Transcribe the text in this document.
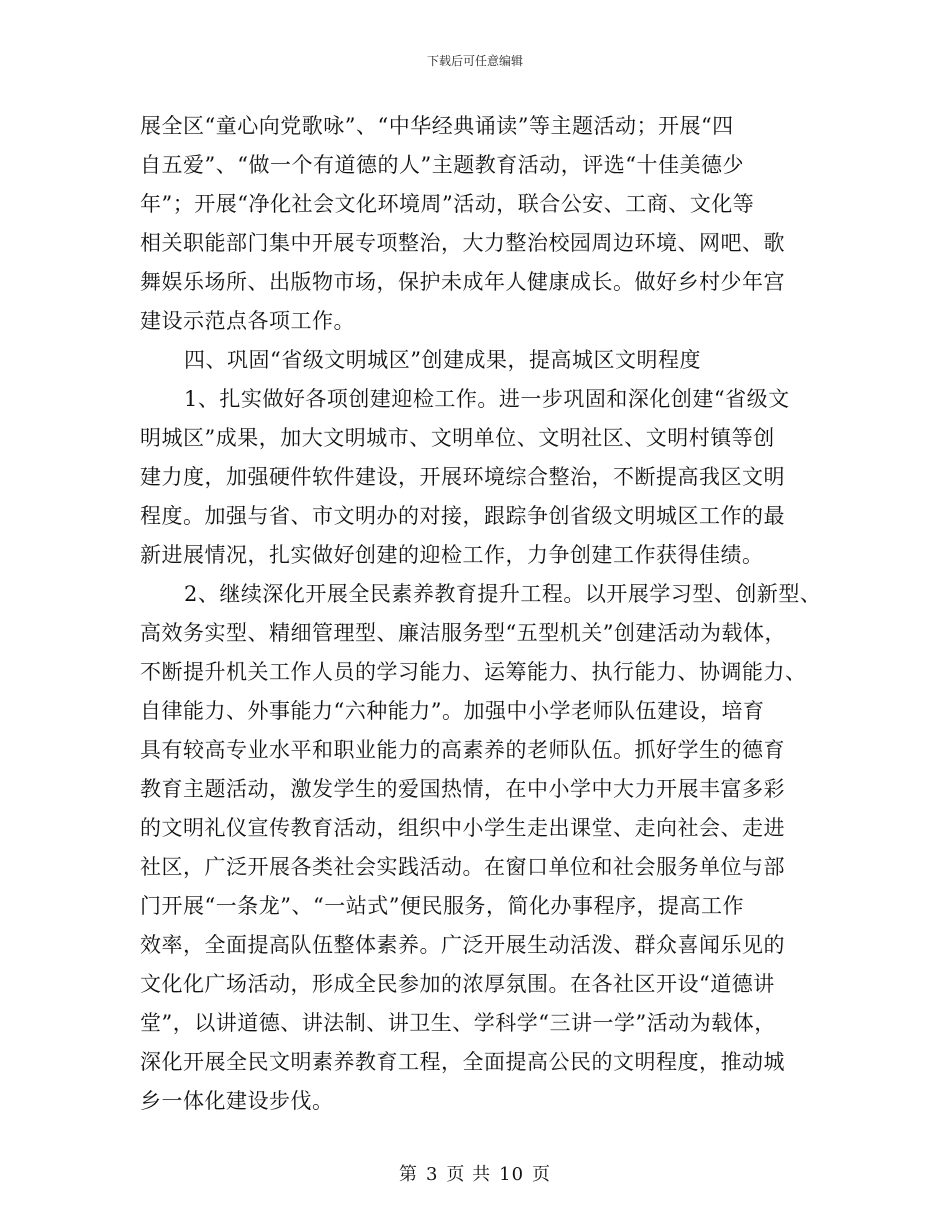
下载后可任意编辑
展全区“童心向党歌咏”、“中华经典诵读”等主题活动；开展“四
自五爱”、“做一个有道德的人”主题教育活动，评选“十佳美德少
年”；开展“净化社会文化环境周”活动，联合公安、工商、文化等
相关职能部门集中开展专项整治，大力整治校园周边环境、网吧、歌
舞娱乐场所、出版物市场，保护未成年人健康成长。做好乡村少年宫
建设示范点各项工作。
四、巩固“省级文明城区”创建成果，提高城区文明程度
1、扎实做好各项创建迎检工作。进一步巩固和深化创建“省级文
明城区”成果，加大文明城市、文明单位、文明社区、文明村镇等创
建力度，加强硬件软件建设，开展环境综合整治，不断提高我区文明
程度。加强与省、市文明办的对接，跟踪争创省级文明城区工作的最
新进展情况，扎实做好创建的迎检工作，力争创建工作获得佳绩。
2、继续深化开展全民素养教育提升工程。以开展学习型、创新型、
高效务实型、精细管理型、廉洁服务型“五型机关”创建活动为载体，
不断提升机关工作人员的学习能力、运筹能力、执行能力、协调能力、
自律能力、外事能力“六种能力”。加强中小学老师队伍建设，培育
具有较高专业水平和职业能力的高素养的老师队伍。抓好学生的德育
教育主题活动，激发学生的爱国热情，在中小学中大力开展丰富多彩
的文明礼仪宣传教育活动，组织中小学生走出课堂、走向社会、走进
社区，广泛开展各类社会实践活动。在窗口单位和社会服务单位与部
门开展“一条龙”、“一站式”便民服务，简化办事程序，提高工作
效率，全面提高队伍整体素养。广泛开展生动活泼、群众喜闻乐见的
文化化广场活动，形成全民参加的浓厚氛围。在各社区开设“道德讲
堂”，以讲道德、讲法制、讲卫生、学科学“三讲一学”活动为载体，
深化开展全民文明素养教育工程，全面提高公民的文明程度，推动城
乡一体化建设步伐。
第 3 页 共 10 页
